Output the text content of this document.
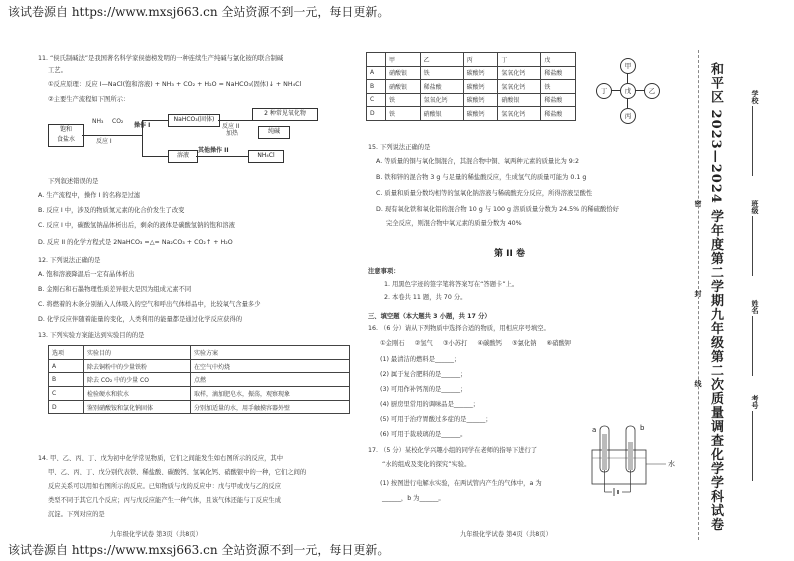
该试卷源自 https://www.mxsj663.cn 全站资源不到一元，每日更新。
该试卷源自 https://www.mxsj663.cn 全站资源不到一元，每日更新。
11. “侯氏制碱法”是我国著名科学家侯德榜发明的一种连续生产纯碱与氯化铵的联合制碱
工艺。
①反应原理：反应 I—NaCl(饱和溶液) + NH₃ + CO₂ + H₂O = NaHCO₃(固体)↓ + NH₄Cl
②主要生产流程如下图所示：
饱和
食盐水
NH₃ CO₂
反应 I
操作 I
NaHCO₃(固体)
反应 II
加热
2 种常见氧化物
纯碱
溶液
其他操作 II
NH₄Cl
下列叙述错误的是
A. 生产流程中，操作 I 的名称是过滤
B. 反应 I 中，涉及的物质氮元素的化合价发生了改变
C. 反应 I 中，碳酸氢钠晶体析出后，剩余的液体是碳酸氢钠的饱和溶液
D. 反应 II 的化学方程式是 2NaHCO₃ =△= Na₂CO₃ + CO₂↑ + H₂O
12. 下列说法正确的是
A. 饱和溶液降温后一定有晶体析出
B. 金刚石和石墨物理性质差异很大是因为组成元素不同
C. 将燃着的木条分别插入人体吸入的空气和呼出气体样品中，比较氧气含量多少
D. 化学反应伴随着能量的变化，人类利用的能量都是通过化学反应获得的
13. 下列实验方案能达到实验目的的是
选项	实验目的	实验方案
A	除去铜粉中的少量铁粉	在空气中灼烧
B	除去 CO₂ 中的少量 CO	点燃
C	检验硬水和软水	取样，滴加肥皂水，振荡，观察现象
D	鉴别硝酸铵和氯化钠固体	分别加适量的水，用手触摸容器外壁
14. 甲、乙、丙、丁、戊为初中化学常见物质，它们之间能发生如右图所示的反应，其中
甲、乙、丙、丁、戊分别代表铁、稀盐酸、碳酸钙、氢氧化钙、硝酸银中的一种，它们之间的
反应关系可以用如右图所示的反应。已知物质与戊的反应中：戊与甲或戊与乙的反应
类型不同于其它几个反应；丙与戊反应能产生一种气体，且该气体还能与丁反应生成
沉淀。下列对应的是
九年级化学试卷 第3页（共8页）
	甲	乙	丙	丁	戊
A	硝酸银	铁	碳酸钙	氢氧化钙	稀盐酸
B	硝酸银	稀盐酸	碳酸钙	氢氧化钙	铁
C	铁	氢氧化钙	碳酸钙	硝酸银	稀盐酸
D	铁	硝酸银	碳酸钙	氢氧化钙	稀盐酸
甲
丁	戊	乙
丙
15. 下列说法正确的是
A. 等质量的铜与氧化铜混合，其混合物中铜、氧两种元素的质量比为 9:2
B. 铁和锌的混合物 3 g 与足量的稀盐酸反应，生成氢气的质量可能为 0.1 g
C. 质量和质量分数均相等的氢氧化钠溶液与稀硫酸充分反应，所得溶液呈酸性
D. 现有氧化铁和氧化铝的混合物 10 g 与 100 g 溶质质量分数为 24.5% 的稀硫酸恰好
完全反应，则混合物中氧元素的质量分数为 40%
第 II 卷
注意事项：
1. 用黑色字迹的签字笔将答案写在“答题卡”上。
2. 本卷共 11 题，共 70 分。
三、填空题（本大题共 3 小题，共 17 分）
16. （6 分）请从下列物质中选择合适的物质，用相应序号填空。
①金刚石 ②氢气 ③小苏打 ④碳酸钙 ⑤氯化钠 ⑥硝酸钾
(1) 最清洁的燃料是______；
(2) 属于复合肥料的是______；
(3) 可用作补钙剂的是______；
(4) 厨房里常用的调味品是______；
(5) 可用于治疗胃酸过多症的是______；
(6) 可用于裁玻璃的是______。
17. （5 分）某校化学兴趣小组的同学在老师的指导下进行了
“水的组成及变化的探究”实验。
(1) 按图进行电解水实验，在两试管内产生的气体中，a 为
______，b 为______。
a	b
水
九年级化学试卷 第4页（共8页）
密
封
线 和平区 2023—2024 学年度第二学期九年级第二次质量调查化学学科试卷	学校
班级
姓名
考号
